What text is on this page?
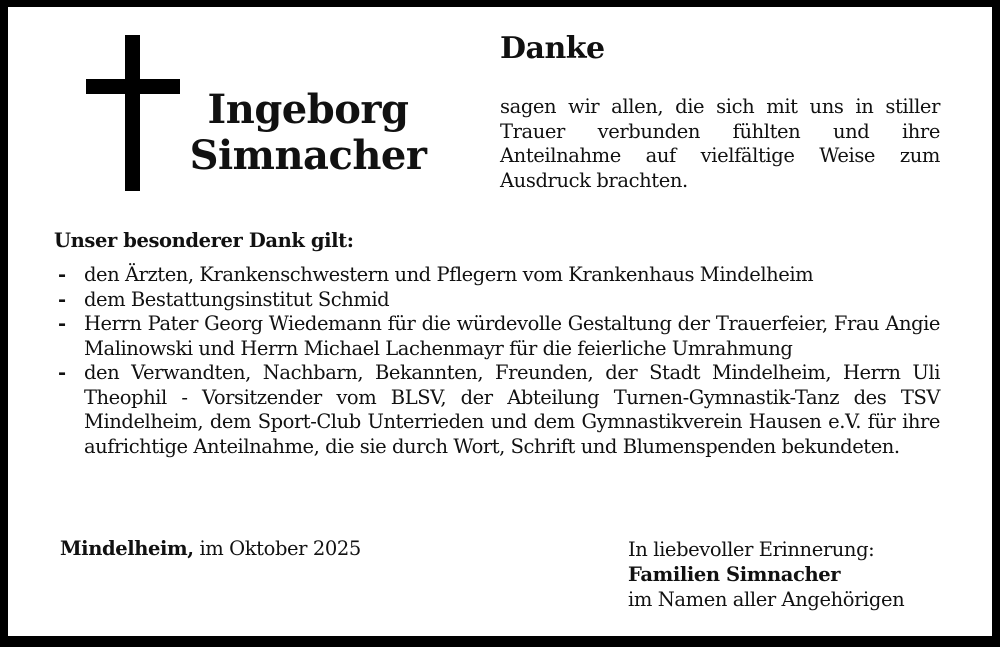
Ingeborg
Simnacher
Danke
sagen wir allen, die sich mit uns in stiller Trauer verbunden fühlten und ihre Anteilnahme auf vielfältige Weise zum Ausdruck brachten.
Unser besonderer Dank gilt:
- den Ärzten, Krankenschwestern und Pflegern vom Krankenhaus Mindelheim
- dem Bestattungsinstitut Schmid
- Herrn Pater Georg Wiedemann für die würdevolle Gestaltung der Trauerfeier, Frau Angie Malinowski und Herrn Michael Lachenmayr für die feierliche Umrahmung
- den Verwandten, Nachbarn, Bekannten, Freunden, der Stadt Mindelheim, Herrn Uli Theophil - Vorsitzender vom BLSV, der Abteilung Turnen-Gymnastik-Tanz des TSV Mindelheim, dem Sport-Club Unterrieden und dem Gymnastikverein Hausen e.V. für ihre aufrichtige Anteilnahme, die sie durch Wort, Schrift und Blumenspenden bekundeten.
Mindelheim, im Oktober 2025	In liebevoller Erinnerung:
Familien Simnacher
im Namen aller Angehörigen
